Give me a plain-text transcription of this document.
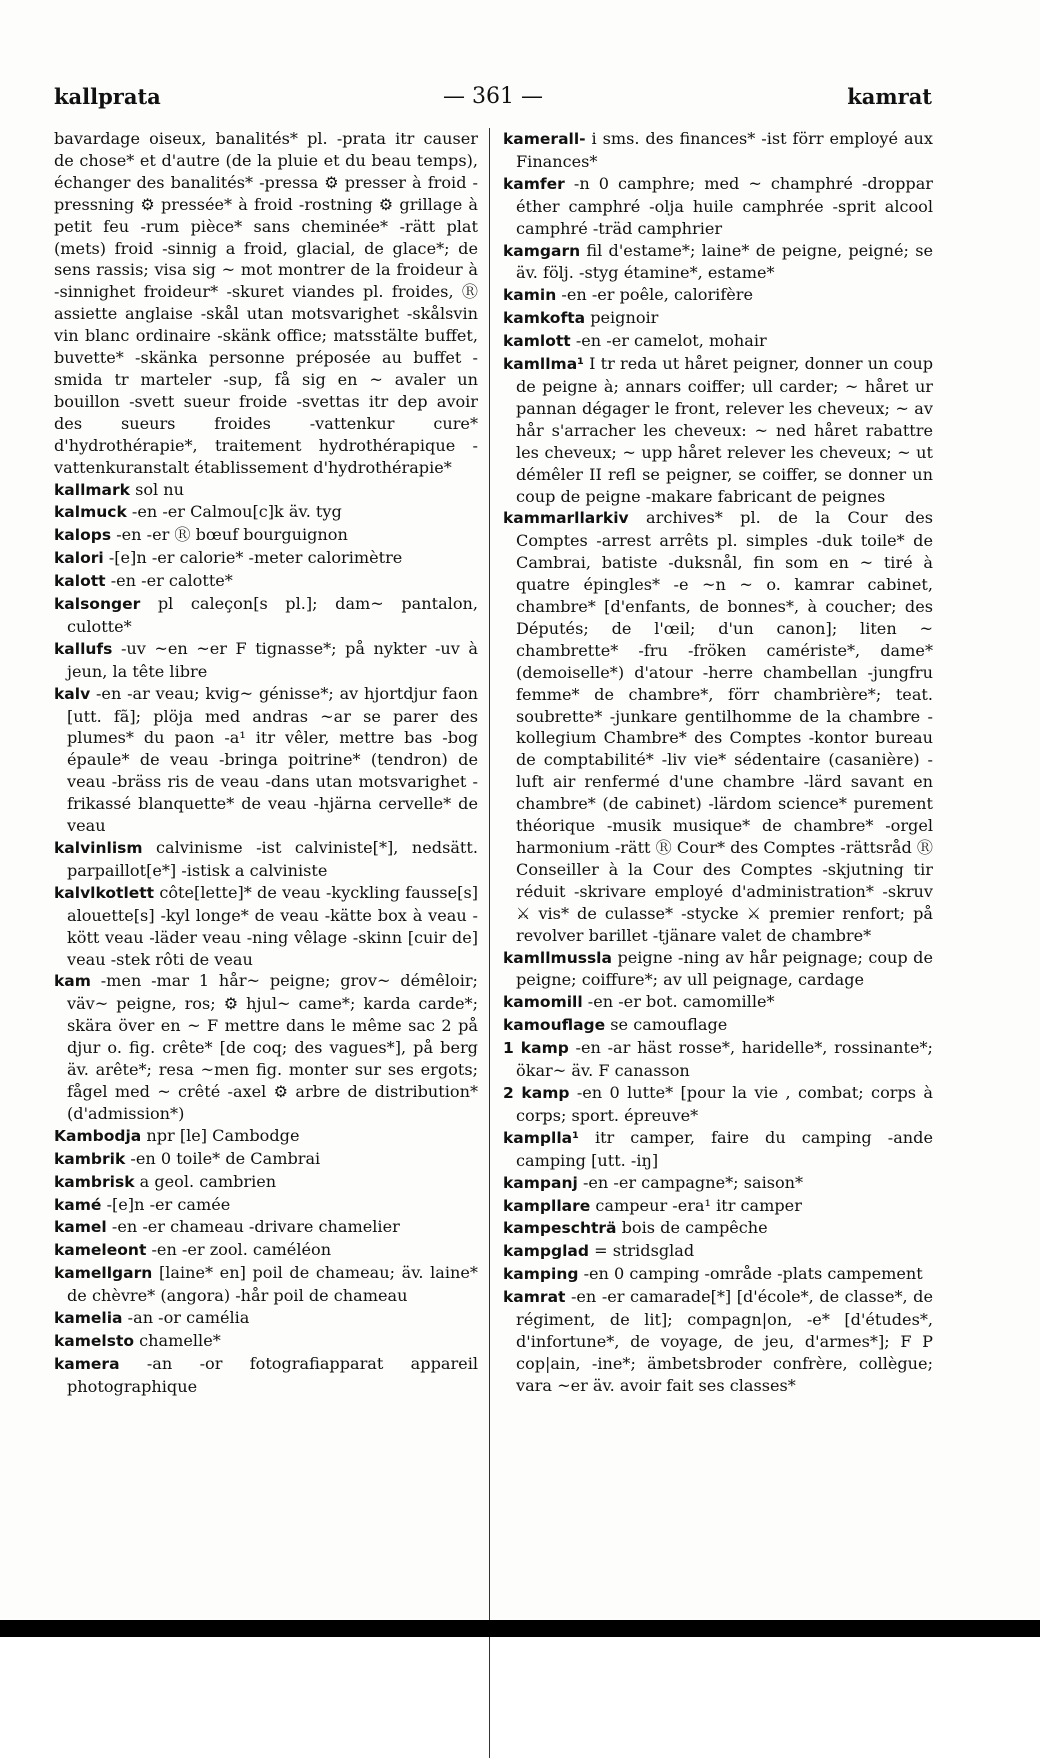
kallprata	— 361 —	kamrat

bavardage oiseux, banalités* pl. -prata itr causer de chose* et d'autre (de la pluie et du beau temps), échanger des banalités* -pressa ⚙ presser à froid -pressning ⚙ pressée* à froid -rostning ⚙ grillage à petit feu -rum pièce* sans cheminée* -rätt plat (mets) froid -sinnig a froid, glacial, de glace*; de sens rassis; visa sig ~ mot montrer de la froideur à -sinnighet froideur* -skuret viandes pl. froides, Ⓡ assiette anglaise -skål utan motsvarighet -skålsvin vin blanc ordinaire -skänk office; matsstälte buffet, buvette* -skänka personne préposée au buffet -smida tr marteler -sup, få sig en ~ avaler un bouillon -svett sueur froide -svettas itr dep avoir des sueurs froides -vattenkur cure* d'hydrothérapie*, traitement hydrothérapique -vattenkuranstalt établissement d'hydrothérapie*

kallmark sol nu

kalmuck -en -er Calmou[c]k äv. tyg

kalops -en -er Ⓡ bœuf bourguignon

kalori -[e]n -er calorie* -meter calorimètre

kalott -en -er calotte*

kalsonger pl caleçon[s pl.]; dam~ pantalon, culotte*

kallufs -uv ~en ~er F tignasse*; på nykter -uv à jeun, la tête libre

kalv -en -ar veau; kvig~ génisse*; av hjortdjur faon [utt. fã]; plöja med andras ~ar se parer des plumes* du paon -a¹ itr vêler, mettre bas -bog épaule* de veau -bringa poitrine* (tendron) de veau -bräss ris de veau -dans utan motsvarighet -frikassé blanquette* de veau -hjärna cervelle* de veau

kalvinlism calvinisme -ist calviniste[*], nedsätt. parpaillot[e*] -istisk a calviniste

kalvlkotlett côte[lette]* de veau -kyckling fausse[s] alouette[s] -kyl longe* de veau -kätte box à veau -kött veau -läder veau -ning vêlage -skinn [cuir de] veau -stek rôti de veau

kam -men -mar 1 hår~ peigne; grov~ démêloir; väv~ peigne, ros; ⚙ hjul~ came*; karda carde*; skära över en ~ F mettre dans le même sac 2 på djur o. fig. crête* [de coq; des vagues*], på berg äv. arête*; resa ~men fig. monter sur ses ergots; fågel med ~ crêté -axel ⚙ arbre de distribution* (d'admission*)

Kambodja npr [le] Cambodge

kambrik -en 0 toile* de Cambrai

kambrisk a geol. cambrien

kamé -[e]n -er camée

kamel -en -er chameau -drivare chamelier

kameleont -en -er zool. caméléon

kamellgarn [laine* en] poil de chameau; äv. laine* de chèvre* (angora) -hår poil de chameau

kamelia -an -or camélia

kamelsto chamelle*

kamera -an -or fotografiapparat appareil photographique

kamerall- i sms. des finances* -ist förr employé aux Finances*

kamfer -n 0 camphre; med ~ champhré -droppar éther camphré -olja huile camphrée -sprit alcool camphré -träd camphrier

kamgarn fil d'estame*; laine* de peigne, peigné; se äv. följ. -styg étamine*, estame*

kamin -en -er poêle, calorifère

kamkofta peignoir

kamlott -en -er camelot, mohair

kamllma¹ I tr reda ut håret peigner, donner un coup de peigne à; annars coiffer; ull carder; ~ håret ur pannan dégager le front, relever les cheveux; ~ av hår s'arracher les cheveux: ~ ned håret rabattre les cheveux; ~ upp håret relever les cheveux; ~ ut démêler II refl se peigner, se coiffer, se donner un coup de peigne -makare fabricant de peignes

kammarllarkiv archives* pl. de la Cour des Comptes -arrest arrêts pl. simples -duk toile* de Cambrai, batiste -duksnål, fin som en ~ tiré à quatre épingles* -e ~n ~ o. kamrar cabinet, chambre* [d'enfants, de bonnes*, à coucher; des Députés; de l'œil; d'un canon]; liten ~ chambrette* -fru -fröken camériste*, dame* (demoiselle*) d'atour -herre chambellan -jungfru femme* de chambre*, förr chambrière*; teat. soubrette* -junkare gentilhomme de la chambre -kollegium Chambre* des Comptes -kontor bureau de comptabilité* -liv vie* sédentaire (casanière) -luft air renfermé d'une chambre -lärd savant en chambre* (de cabinet) -lärdom science* purement théorique -musik musique* de chambre* -orgel harmonium -rätt Ⓡ Cour* des Comptes -rättsråd Ⓡ Conseiller à la Cour des Comptes -skjutning tir réduit -skrivare employé d'administration* -skruv ⚔ vis* de culasse* -stycke ⚔ premier renfort; på revolver barillet -tjänare valet de chambre*

kamllmussla peigne -ning av hår peignage; coup de peigne; coiffure*; av ull peignage, cardage

kamomill -en -er bot. camomille*

kamouflage se camouflage

1 kamp -en -ar häst rosse*, haridelle*, rossinante*; ökar~ äv. F canasson

2 kamp -en 0 lutte* [pour la vie , combat; corps à corps; sport. épreuve*

kamplla¹ itr camper, faire du camping -ande camping [utt. -iŋ]

kampanj -en -er campagne*; saison*

kampllare campeur -era¹ itr camper

kampeschträ bois de campêche

kampglad = stridsglad

kamping -en 0 camping -område -plats campement

kamrat -en -er camarade[*] [d'école*, de classe*, de régiment, de lit]; compagn|on, -e* [d'études*, d'infortune*, de voyage, de jeu, d'armes*]; F P cop|ain, -ine*; ämbetsbroder confrère, collègue; vara ~er äv. avoir fait ses classes*
